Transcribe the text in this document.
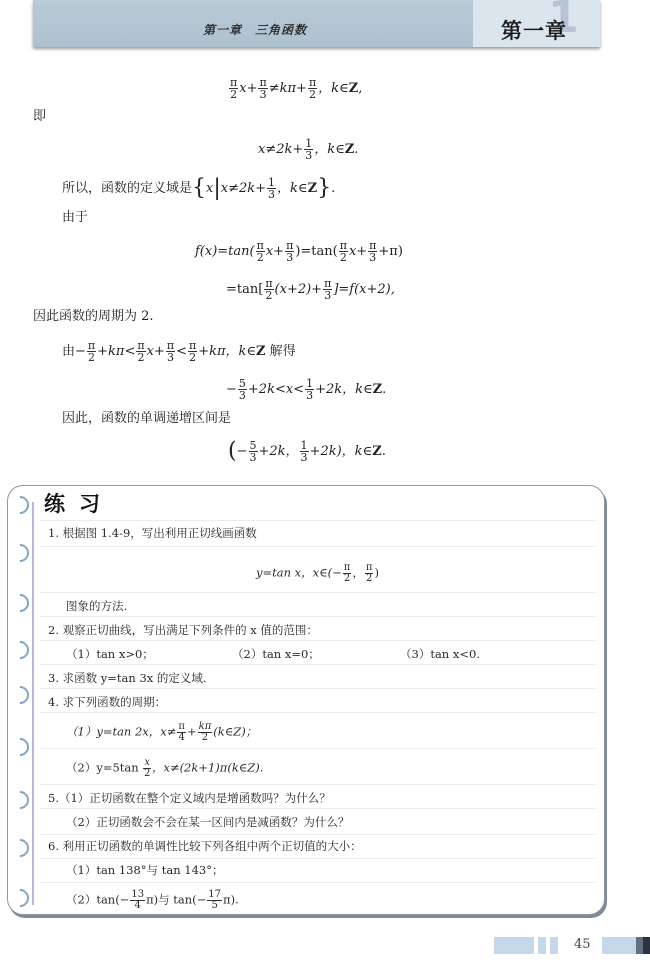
第一章　三角函数	1
第一章
$\frac{\pi}{2} x+ \frac{\pi}{3} \ne k\pi+ \frac{\pi}{2}$ ，k∈Z,
即
$x\ne 2k+ \frac{1}{3}$ ，k∈Z.
所以，函数的定义域是{$x|x\ne 2k+ \frac{1}{3}$ ，k∈Z}.
由于
$f(x)=\tan( \frac{\pi}{2} x+ \frac{\pi}{3} )=\tan( \frac{\pi}{2} x+ \frac{\pi}{3} +\pi)$
$=\tan[ \frac{\pi}{2} (x+2)+ \frac{\pi}{3} ]=f(x+2)$,
因此函数的周期为 2.
由− $\frac{\pi}{2} +k\pi< \frac{\pi}{2} x+ \frac{\pi}{3} < \frac{\pi}{2} +k\pi$，k∈Z 解得
− $\frac{5}{3} +2k<x< \frac{1}{3} +2k$，k∈Z.
因此，函数的单调递增区间是
(− $\frac{5}{3} +2k$， $\frac{1}{3} +2k$)，k∈Z.
练习
1. 根据图 1.4-9，写出利用正切线画函数
y=tan x，x∈(− $\frac{\pi}{2}$ ， $\frac{\pi}{2}$ )
图象的方法.
2. 观察正切曲线，写出满足下列条件的 x 值的范围：
（1）tan x>0；	（2）tan x=0；	（3）tan x<0.
3. 求函数 y=tan 3x 的定义域.
4. 求下列函数的周期：
（1）y=tan 2x，$x\ne \frac{\pi}{4} + \frac{k\pi}{2}$ (k∈Z)；
$(2)y=5\tan \frac{x}{2}$ ，x≠(2k+1)π(k∈Z).
5.（1）正切函数在整个定义域内是增函数吗？为什么？
（2）正切函数会不会在某一区间内是减函数？为什么？
6. 利用正切函数的单调性比较下列各组中两个正切值的大小：
（1）tan 138°与 tan 143°；
$(2)\tan(- \frac{13}{4} \pi)$与 $\tan(- \frac{17}{5} \pi)$.
45
